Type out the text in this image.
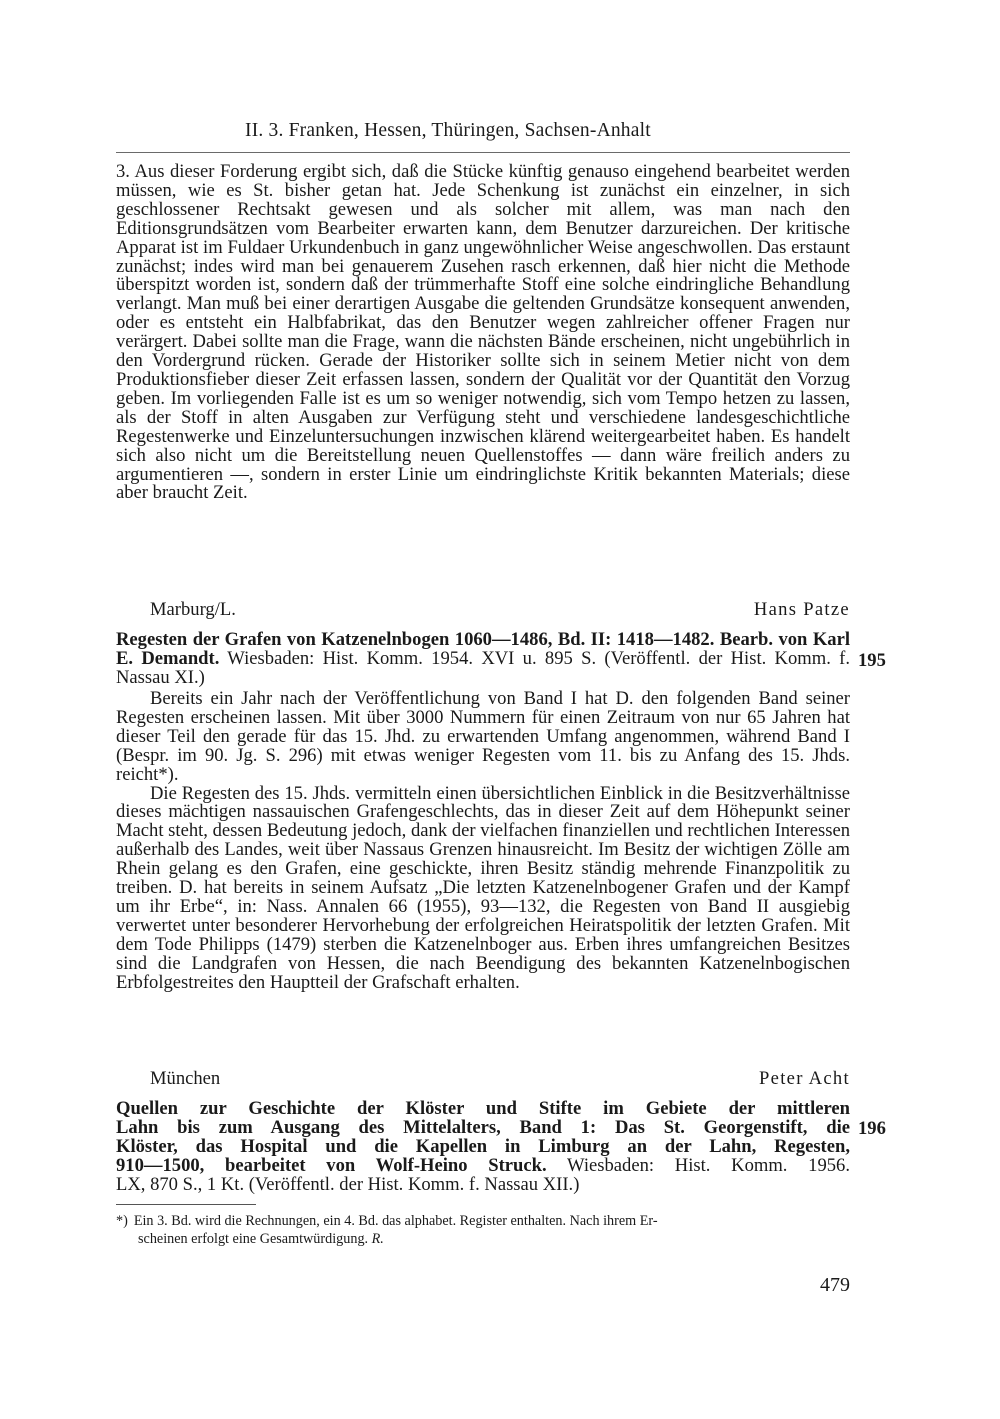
II. 3. Franken, Hessen, Thüringen, Sachsen-Anhalt

3. Aus dieser Forderung ergibt sich, daß die Stücke künftig genauso eingehend bearbeitet werden müssen, wie es St. bisher getan hat. Jede Schenkung ist zunächst ein einzelner, in sich geschlossener Rechtsakt gewesen und als solcher mit allem, was man nach den Editionsgrundsätzen vom Bearbeiter erwarten kann, dem Benutzer darzureichen. Der kritische Apparat ist im Fuldaer Urkundenbuch in ganz ungewöhnlicher Weise angeschwollen. Das erstaunt zunächst; indes wird man bei genauerem Zusehen rasch erkennen, daß hier nicht die Methode überspitzt worden ist, sondern daß der trümmerhafte Stoff eine solche eindringliche Behandlung verlangt. Man muß bei einer derartigen Ausgabe die geltenden Grundsätze konsequent anwenden, oder es entsteht ein Halbfabrikat, das den Benutzer wegen zahlreicher offener Fragen nur verärgert. Dabei sollte man die Frage, wann die nächsten Bände erscheinen, nicht ungebührlich in den Vordergrund rücken. Gerade der Historiker sollte sich in seinem Metier nicht von dem Produktionsfieber dieser Zeit erfassen lassen, sondern der Qualität vor der Quantität den Vorzug geben. Im vorliegenden Falle ist es um so weniger notwendig, sich vom Tempo hetzen zu lassen, als der Stoff in alten Ausgaben zur Verfügung steht und verschiedene landesgeschichtliche Regestenwerke und Einzeluntersuchungen inzwischen klärend weitergearbeitet haben. Es handelt sich also nicht um die Bereitstellung neuen Quellenstoffes — dann wäre freilich anders zu argumentieren —, sondern in erster Linie um eindringlichste Kritik bekannten Materials; diese aber braucht Zeit.

Marburg/L.	Hans Patze
Regesten der Grafen von Katzenelnbogen 1060—1486, Bd. II: 1418—1482. Bearb. von Karl E. Demandt. Wiesbaden: Hist. Komm. 1954. XVI u. 895 S. (Veröffentl. der Hist. Komm. f. Nassau XI.)
195

Bereits ein Jahr nach der Veröffentlichung von Band I hat D. den folgenden Band seiner Regesten erscheinen lassen. Mit über 3000 Nummern für einen Zeitraum von nur 65 Jahren hat dieser Teil den gerade für das 15. Jhd. zu erwartenden Umfang angenommen, während Band I (Bespr. im 90. Jg. S. 296) mit etwas weniger Regesten vom 11. bis zu Anfang des 15. Jhds. reicht*).

Die Regesten des 15. Jhds. vermitteln einen übersichtlichen Einblick in die Besitzverhältnisse dieses mächtigen nassauischen Grafengeschlechts, das in dieser Zeit auf dem Höhepunkt seiner Macht steht, dessen Bedeutung jedoch, dank der vielfachen finanziellen und rechtlichen Interessen außerhalb des Landes, weit über Nassaus Grenzen hinausreicht. Im Besitz der wichtigen Zölle am Rhein gelang es den Grafen, eine geschickte, ihren Besitz ständig mehrende Finanzpolitik zu treiben. D. hat bereits in seinem Aufsatz „Die letzten Katzenelnbogener Grafen und der Kampf um ihr Erbe“, in: Nass. Annalen 66 (1955), 93—132, die Regesten von Band II ausgiebig verwertet unter besonderer Hervorhebung der erfolgreichen Heiratspolitik der letzten Grafen. Mit dem Tode Philipps (1479) sterben die Katzenelnboger aus. Erben ihres umfangreichen Besitzes sind die Landgrafen von Hessen, die nach Beendigung des bekannten Katzenelnbogischen Erbfolgestreites den Hauptteil der Grafschaft erhalten.

München	Peter Acht
Quellen zur Geschichte der Klöster und Stifte im Gebiete der mittleren
Lahn bis zum Ausgang des Mittelalters, Band 1: Das St. Georgenstift, die
Klöster, das Hospital und die Kapellen in Limburg an der Lahn, Regesten,
910—1500, bearbeitet von Wolf-Heino Struck. Wiesbaden: Hist. Komm. 1956.
LX, 870 S., 1 Kt. (Veröffentl. der Hist. Komm. f. Nassau XII.)
196
*) Ein 3. Bd. wird die Rechnungen, ein 4. Bd. das alphabet. Register enthalten. Nach ihrem Er-
scheinen erfolgt eine Gesamtwürdigung. R.
479
